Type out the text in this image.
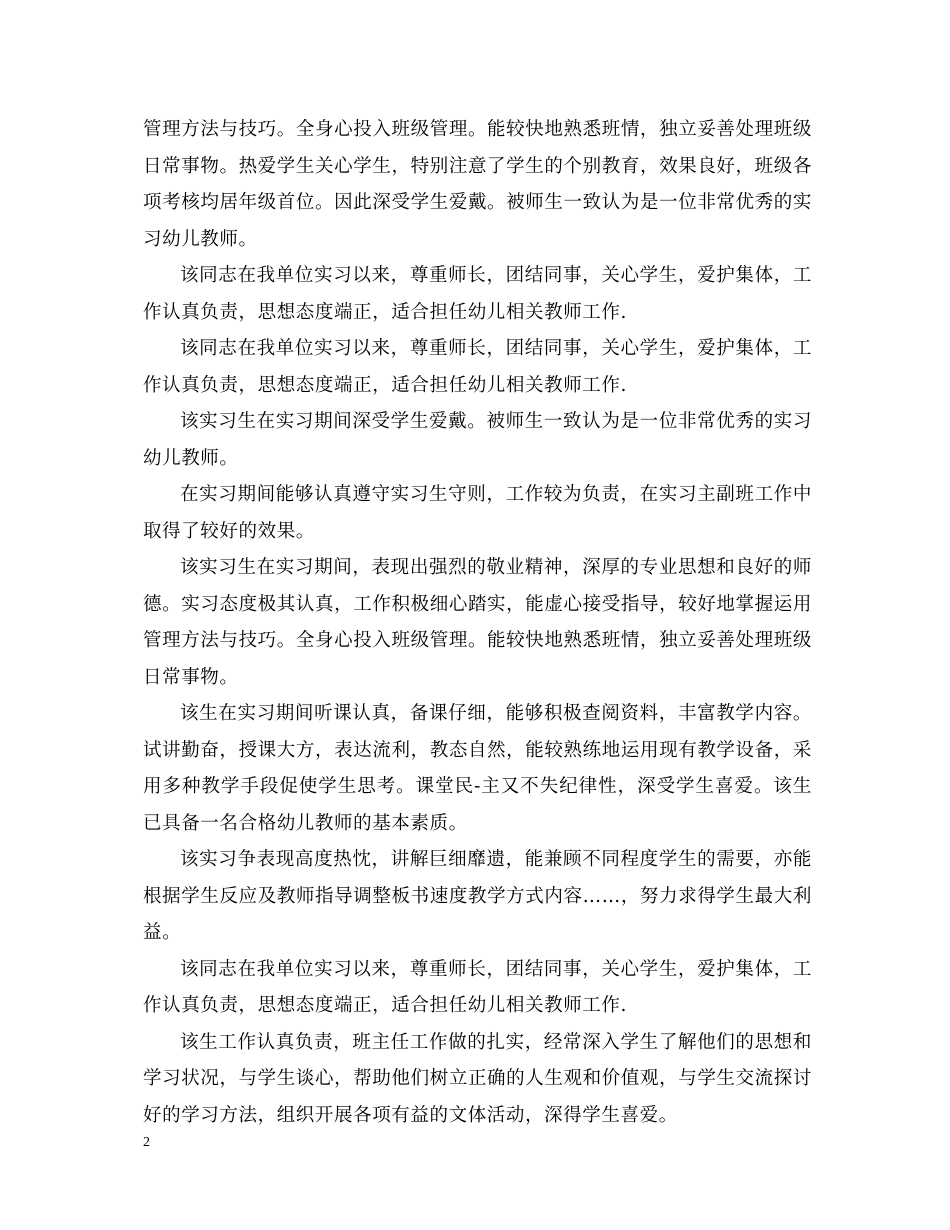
管理方法与技巧。全身心投入班级管理。能较快地熟悉班情，独立妥善处理班级日常事物。热爱学生关心学生，特别注意了学生的个别教育，效果良好，班级各项考核均居年级首位。因此深受学生爱戴。被师生一致认为是一位非常优秀的实习幼儿教师。

该同志在我单位实习以来，尊重师长，团结同事，关心学生，爱护集体，工作认真负责，思想态度端正，适合担任幼儿相关教师工作.

该同志在我单位实习以来，尊重师长，团结同事，关心学生，爱护集体，工作认真负责，思想态度端正，适合担任幼儿相关教师工作.

该实习生在实习期间深受学生爱戴。被师生一致认为是一位非常优秀的实习幼儿教师。

在实习期间能够认真遵守实习生守则，工作较为负责，在实习主副班工作中取得了较好的效果。

该实习生在实习期间，表现出强烈的敬业精神，深厚的专业思想和良好的师德。实习态度极其认真，工作积极细心踏实，能虚心接受指导，较好地掌握运用管理方法与技巧。全身心投入班级管理。能较快地熟悉班情，独立妥善处理班级日常事物。

该生在实习期间听课认真，备课仔细，能够积极查阅资料，丰富教学内容。试讲勤奋，授课大方，表达流利，教态自然，能较熟练地运用现有教学设备，采用多种教学手段促使学生思考。课堂民-主又不失纪律性，深受学生喜爱。该生已具备一名合格幼儿教师的基本素质。

该实习争表现高度热忱，讲解巨细靡遗，能兼顾不同程度学生的需要，亦能根据学生反应及教师指导调整板书速度教学方式内容……，努力求得学生最大利益。

该同志在我单位实习以来，尊重师长，团结同事，关心学生，爱护集体，工作认真负责，思想态度端正，适合担任幼儿相关教师工作.

该生工作认真负责，班主任工作做的扎实，经常深入学生了解他们的思想和学习状况，与学生谈心，帮助他们树立正确的人生观和价值观，与学生交流探讨好的学习方法，组织开展各项有益的文体活动，深得学生喜爱。

2
